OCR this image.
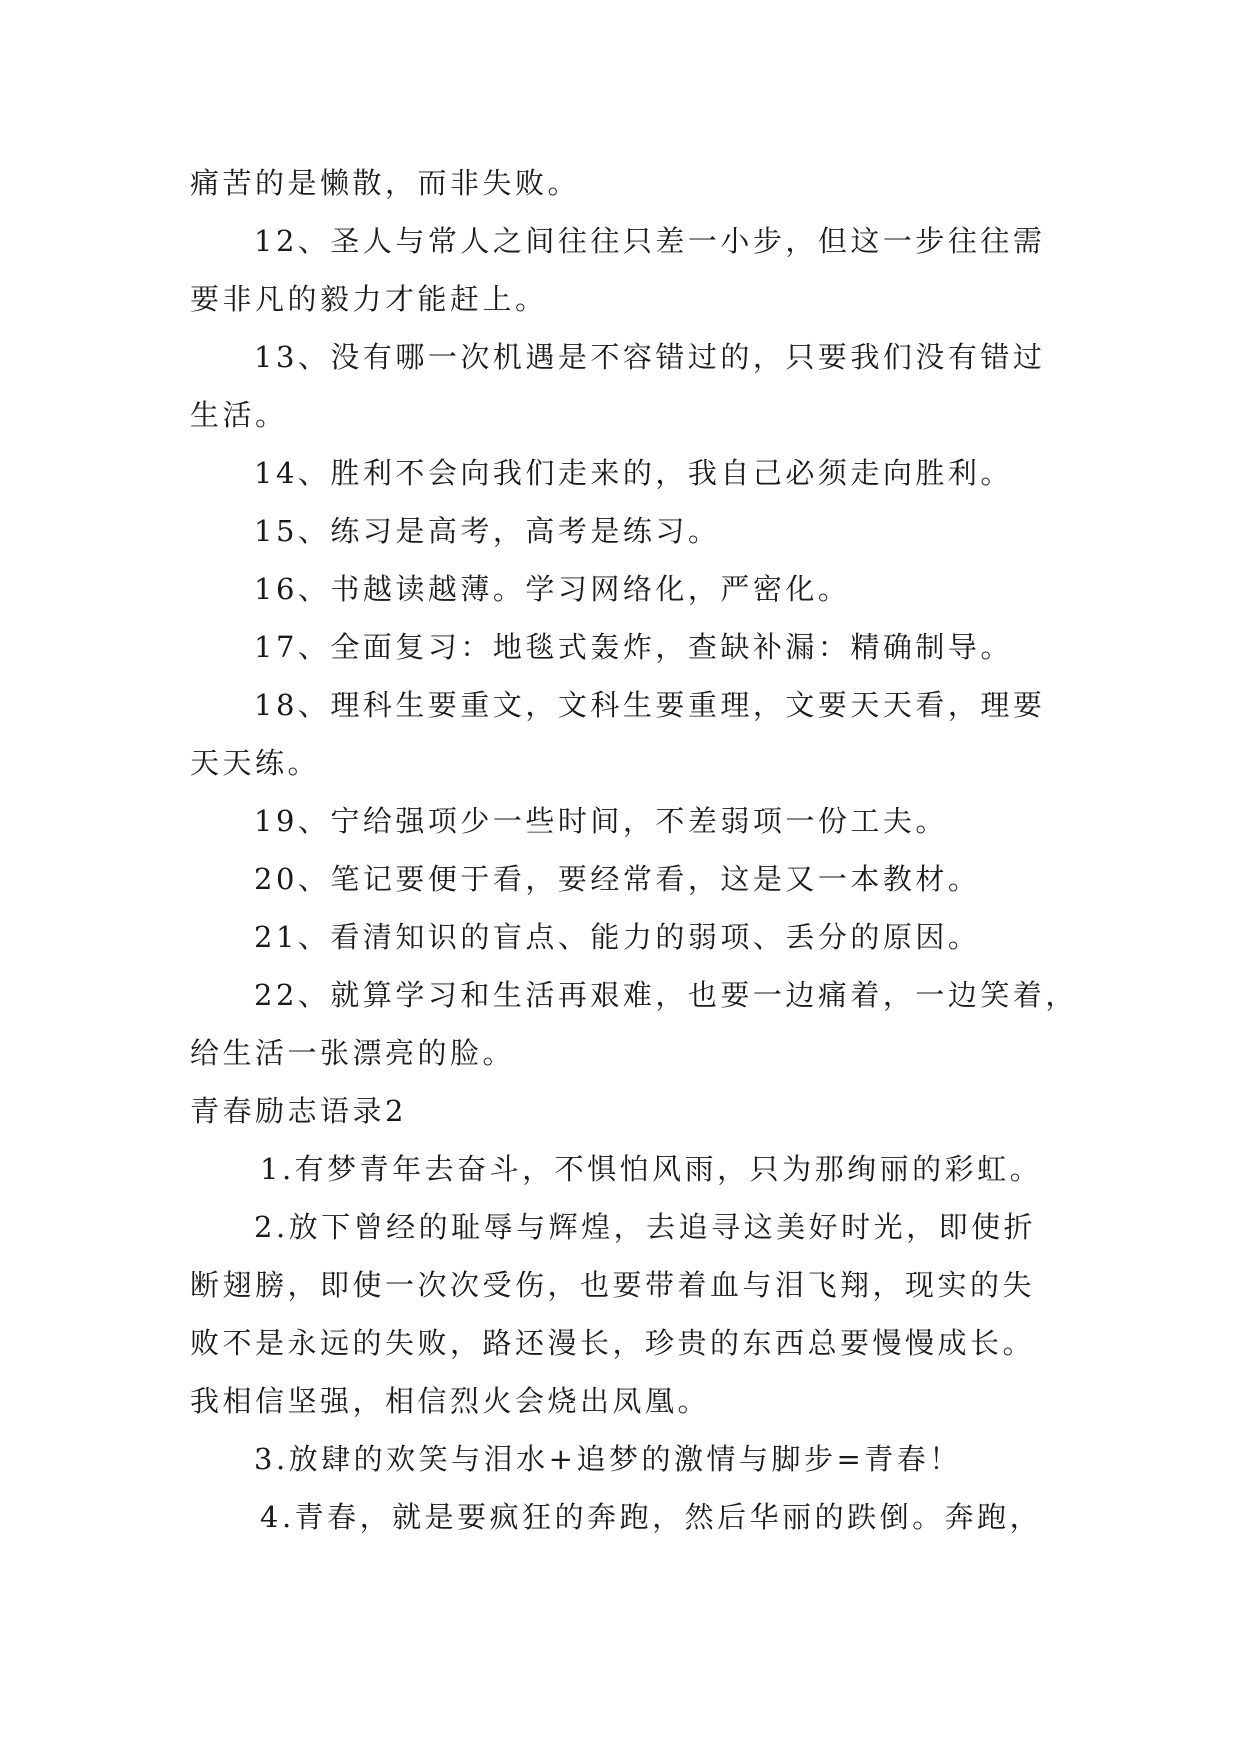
痛苦的是懒散，而非失败。
12、圣人与常人之间往往只差一小步，但这一步往往需
要非凡的毅力才能赶上。
13、没有哪一次机遇是不容错过的，只要我们没有错过
生活。
14、胜利不会向我们走来的，我自己必须走向胜利。
15、练习是高考，高考是练习。
16、书越读越薄。学习网络化，严密化。
17、全面复习：地毯式轰炸，查缺补漏：精确制导。
18、理科生要重文，文科生要重理，文要天天看，理要
天天练。
19、宁给强项少一些时间，不差弱项一份工夫。
20、笔记要便于看，要经常看，这是又一本教材。
21、看清知识的盲点、能力的弱项、丢分的原因。
22、就算学习和生活再艰难，也要一边痛着，一边笑着，
给生活一张漂亮的脸。
青春励志语录2
1.有梦青年去奋斗，不惧怕风雨，只为那绚丽的彩虹。
2.放下曾经的耻辱与辉煌，去追寻这美好时光，即使折
断翅膀，即使一次次受伤，也要带着血与泪飞翔，现实的失
败不是永远的失败，路还漫长，珍贵的东西总要慢慢成长。
我相信坚强，相信烈火会烧出凤凰。
3.放肆的欢笑与泪水+追梦的激情与脚步=青春！
4.青春，就是要疯狂的奔跑，然后华丽的跌倒。奔跑，
